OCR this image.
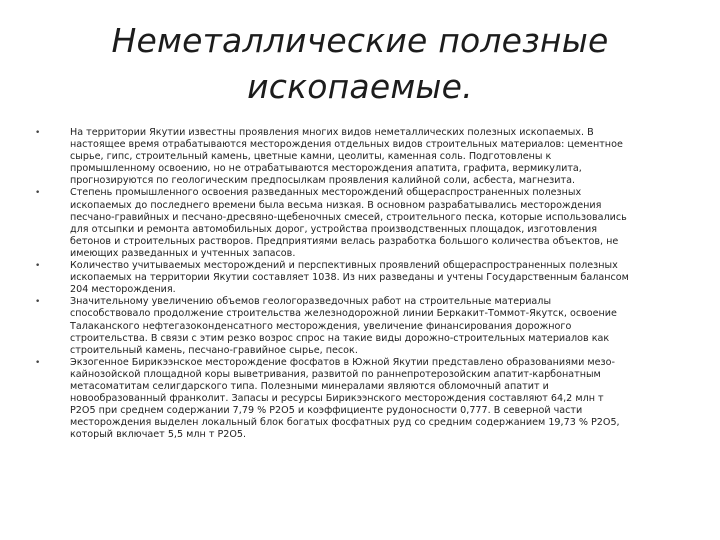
Неметаллические полезные
ископаемые.
•	На территории Якутии известны проявления многих видов неметаллических полезных ископаемых. В
настоящее время отрабатываются месторождения отдельных видов строительных материалов: цементное
сырье, гипс, строительный камень, цветные камни, цеолиты, каменная соль. Подготовлены к
промышленному освоению, но не отрабатываются месторождения апатита, графита, вермикулита,
прогнозируются по геологическим предпосылкам проявления калийной соли, асбеста, магнезита.
•	Степень промышленного освоения разведанных месторождений общераспространенных полезных
ископаемых до последнего времени была весьма низкая. В основном разрабатывались месторождения
песчано-гравийных и песчано-дресвяно-щебеночных смесей, строительного песка, которые использовались
для отсыпки и ремонта автомобильных дорог, устройства производственных площадок, изготовления
бетонов и строительных растворов. Предприятиями велась разработка большого количества объектов, не
имеющих разведанных и учтенных запасов.
•	Количество учитываемых месторождений и перспективных проявлений общераспространенных полезных
ископаемых на территории Якутии составляет 1038. Из них разведаны и учтены Государственным балансом
204 месторождения.
•	Значительному увеличению объемов геологоразведочных работ на строительные материалы
способствовало продолжение строительства железнодорожной линии Беркакит-Томмот-Якутск, освоение
Талаканского нефтегазоконденсатного месторождения, увеличение финансирования дорожного
строительства. В связи с этим резко возрос спрос на такие виды дорожно-строительных материалов как
строительный камень, песчано-гравийное сырье, песок.
•	Экзогенное Бирикээнское месторождение фосфатов в Южной Якутии представлено образованиями мезо-
кайнозойской площадной коры выветривания, развитой по раннепротерозойским апатит-карбонатным
метасоматитам селигдарского типа. Полезными минералами являются обломочный апатит и
новообразованный франколит. Запасы и ресурсы Бирикээнского месторождения составляют 64,2 млн т
P2O5 при среднем содержании 7,79 % P2O5 и коэффициенте рудоносности 0,777. В северной части
месторождения выделен локальный блок богатых фосфатных руд со средним содержанием 19,73 % P2O5,
который включает 5,5 млн т P2O5.
